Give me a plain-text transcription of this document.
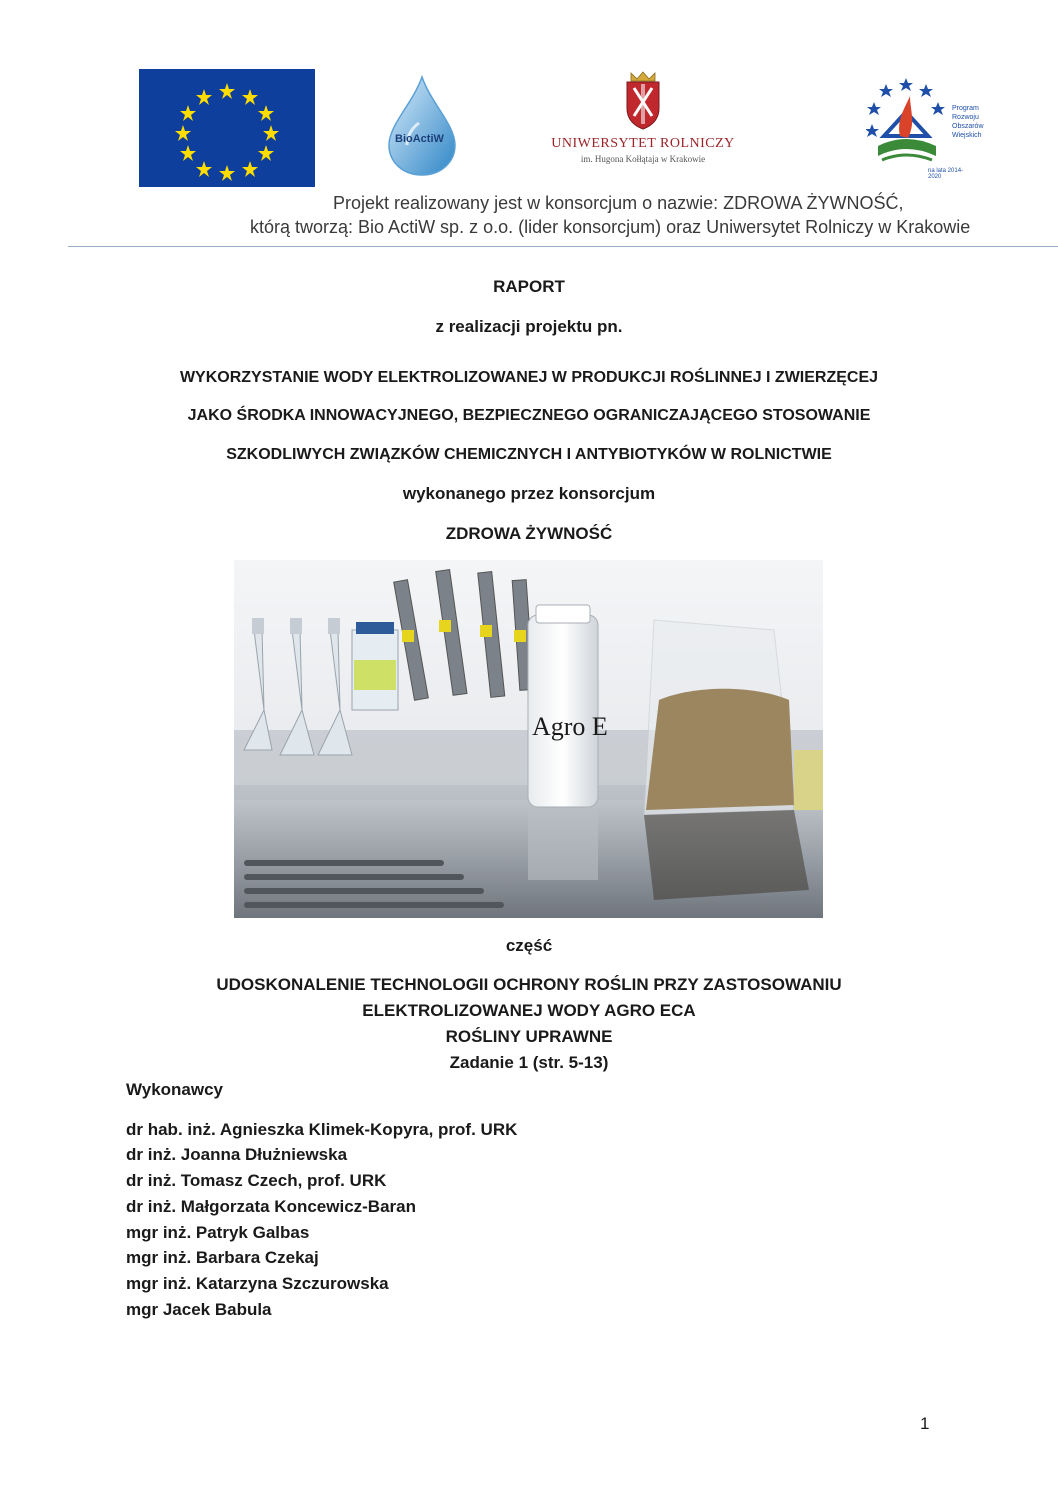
BioActiW	UNIWERSYTET ROLNICZY
im. Hugona Kołłątaja w Krakowie
Program
Rozwoju
Obszarów
Wiejskich
na lata 2014-2020
Projekt realizowany jest w konsorcjum o nazwie: ZDROWA ŻYWNOŚĆ,
którą tworzą: Bio ActiW sp. z o.o. (lider konsorcjum) oraz Uniwersytet Rolniczy w Krakowie
RAPORT
z realizacji projektu pn.
WYKORZYSTANIE WODY ELEKTROLIZOWANEJ W PRODUKCJI ROŚLINNEJ I ZWIERZĘCEJ
JAKO ŚRODKA INNOWACYJNEGO, BEZPIECZNEGO OGRANICZAJĄCEGO STOSOWANIE
SZKODLIWYCH ZWIĄZKÓW CHEMICZNYCH I ANTYBIOTYKÓW W ROLNICTWIE
wykonanego przez konsorcjum
ZDROWA ŻYWNOŚĆ
Agro E
część
UDOSKONALENIE TECHNOLOGII OCHRONY ROŚLIN PRZY ZASTOSOWANIU
ELEKTROLIZOWANEJ WODY AGRO ECA
ROŚLINY UPRAWNE
Zadanie 1 (str. 5-13)
Wykonawcy
dr hab. inż. Agnieszka Klimek-Kopyra, prof. URK
dr inż. Joanna Dłużniewska
dr inż. Tomasz Czech, prof. URK
dr inż. Małgorzata Koncewicz-Baran
mgr inż. Patryk Galbas
mgr inż. Barbara Czekaj
mgr inż. Katarzyna Szczurowska
mgr Jacek Babula
1
